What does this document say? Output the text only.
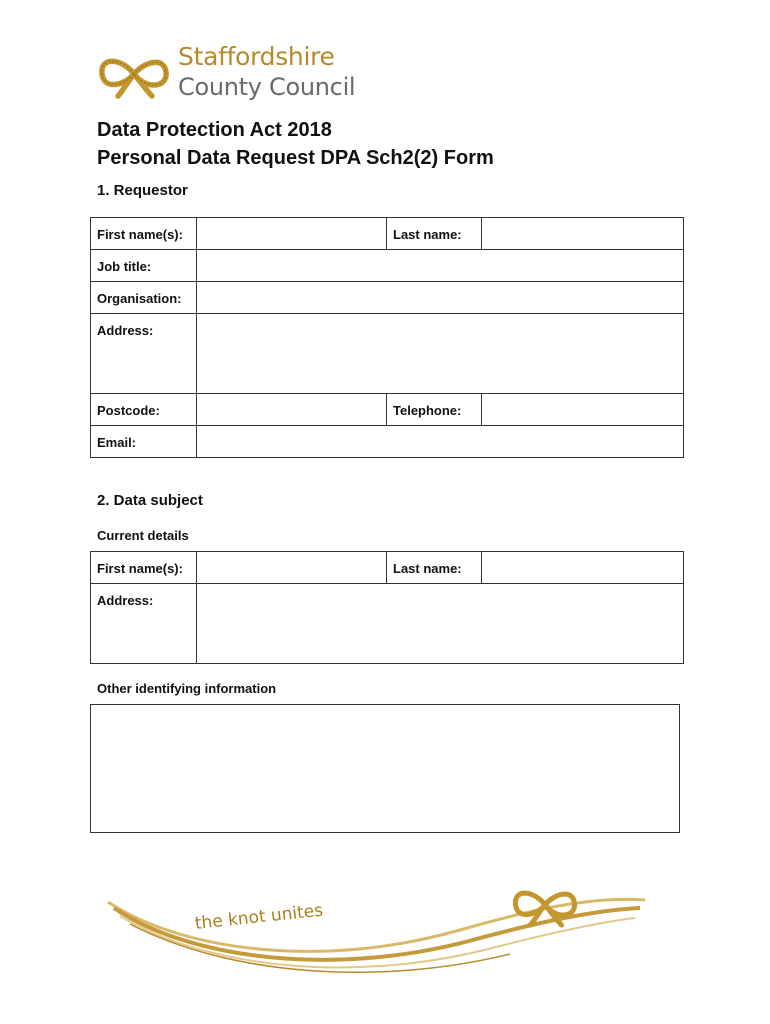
Staffordshire
County Council
Data Protection Act 2018
Personal Data Request DPA Sch2(2) Form
1. Requestor
First name(s):		Last name:	

Job title:	

Organisation:	

Address:	

Postcode:		Telephone:	

Email:	
2. Data subject
Current details
First name(s):		Last name:	

Address:	
Other identifying information
the knot unites
